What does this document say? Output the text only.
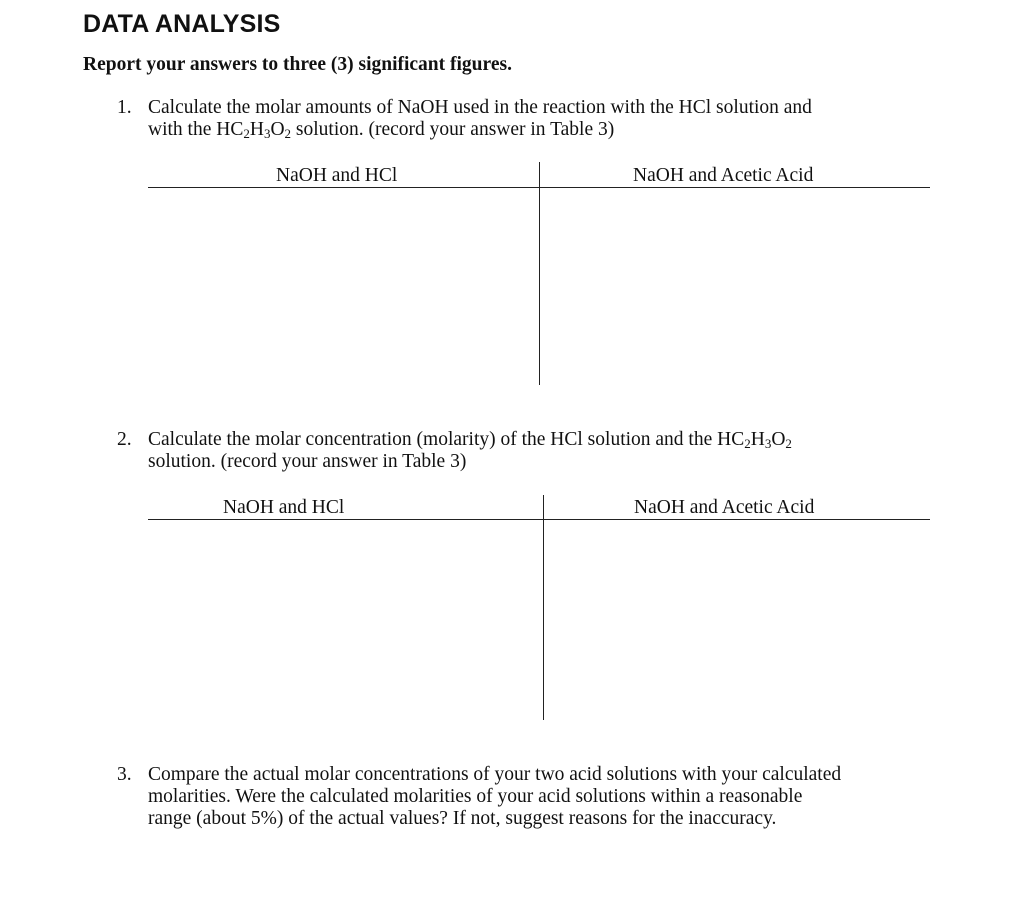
DATA ANALYSIS
Report your answers to three (3) significant figures.
1. Calculate the molar amounts of NaOH used in the reaction with the HCl solution and
with the $HC_2H_3O_2$ solution. (record your answer in Table 3)
NaOH and HCl	NaOH and Acetic Acid
2. Calculate the molar concentration (molarity) of the HCl solution and the $HC_2H_3O_2$
solution. (record your answer in Table 3)
NaOH and HCl	NaOH and Acetic Acid
3. Compare the actual molar concentrations of your two acid solutions with your calculated
molarities. Were the calculated molarities of your acid solutions within a reasonable
range (about 5%) of the actual values? If not, suggest reasons for the inaccuracy.
